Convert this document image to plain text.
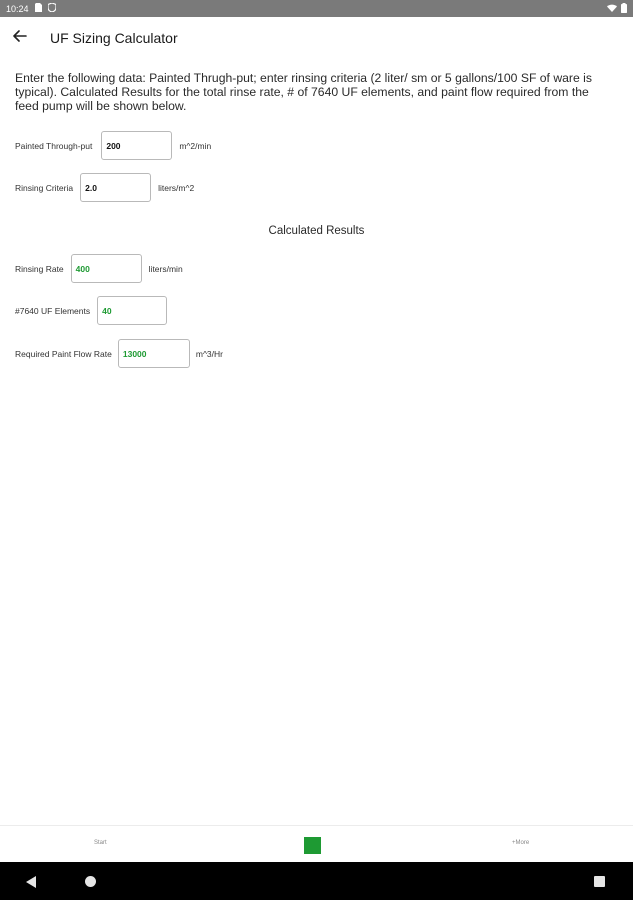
10:24
UF Sizing Calculator
Enter the following data: Painted Thrugh-put; enter rinsing criteria (2 liter/ sm or 5 gallons/100 SF of ware is typical). Calculated Results for the total rinse rate, # of 7640 UF elements, and paint flow required from the feed pump will be shown below.
Painted Through-put	200	m^2/min
Rinsing Criteria	2.0	liters/m^2
Calculated Results
Rinsing Rate	400	liters/min
#7640 UF Elements	40
Required Paint Flow Rate	13000	m^3/Hr
Start	+More
